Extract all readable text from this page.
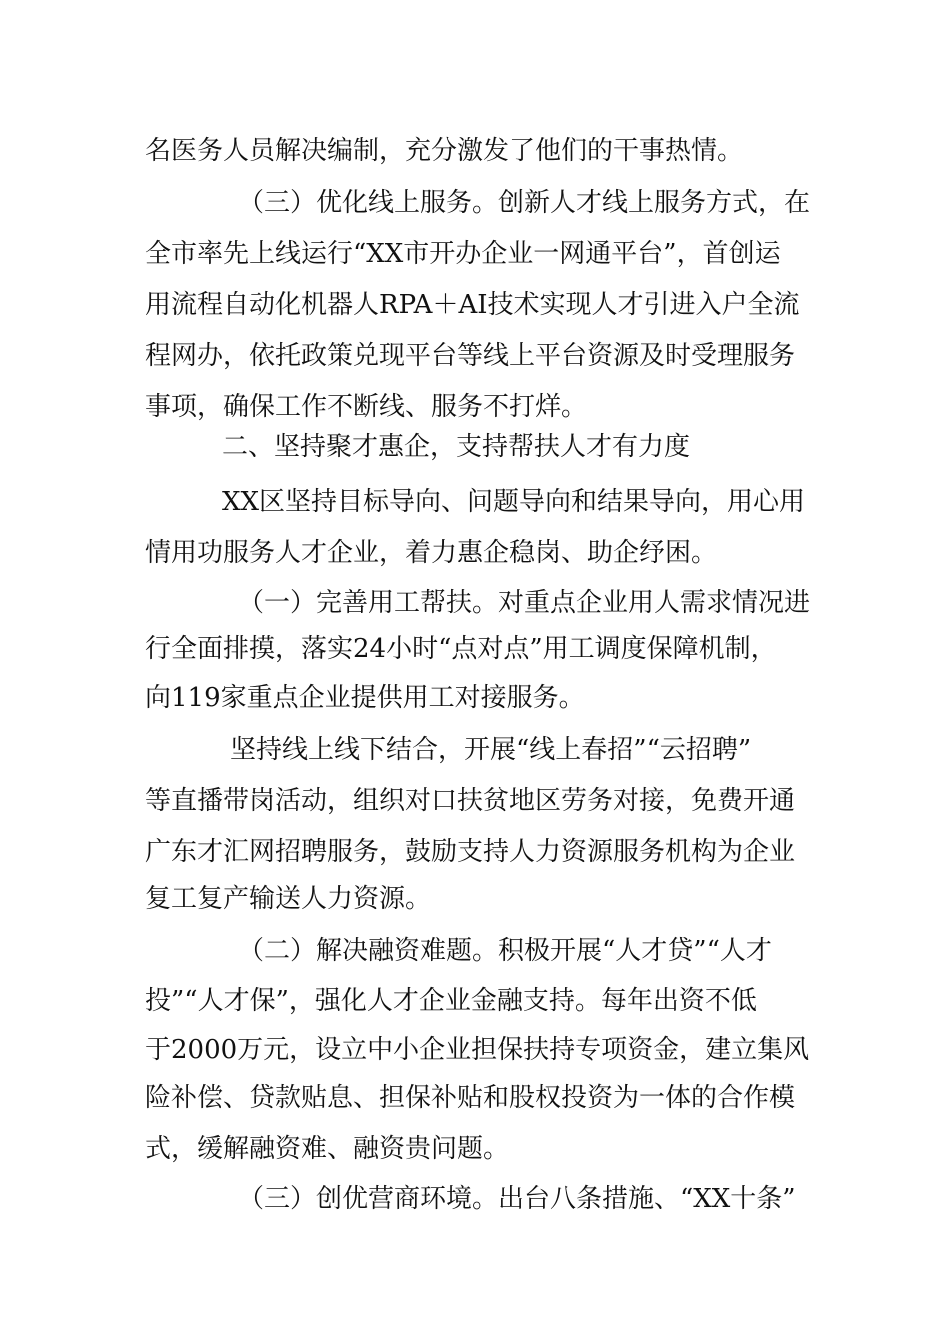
名医务人员解决编制，充分激发了他们的干事热情。
（三）优化线上服务。创新人才线上服务方式，在
全市率先上线运行“XX市开办企业一网通平台”，首创运
用流程自动化机器人RPA＋AI技术实现人才引进入户全流
程网办，依托政策兑现平台等线上平台资源及时受理服务
事项，确保工作不断线、服务不打烊。
二、坚持聚才惠企，支持帮扶人才有力度
XX区坚持目标导向、问题导向和结果导向，用心用
情用功服务人才企业，着力惠企稳岗、助企纾困。
（一）完善用工帮扶。对重点企业用人需求情况进
行全面排摸，落实24小时“点对点”用工调度保障机制，
向119家重点企业提供用工对接服务。
坚持线上线下结合，开展“线上春招”“云招聘”
等直播带岗活动，组织对口扶贫地区劳务对接，免费开通
广东才汇网招聘服务，鼓励支持人力资源服务机构为企业
复工复产输送人力资源。
（二）解决融资难题。积极开展“人才贷”“人才
投”“人才保”，强化人才企业金融支持。每年出资不低
于2000万元，设立中小企业担保扶持专项资金，建立集风
险补偿、贷款贴息、担保补贴和股权投资为一体的合作模
式，缓解融资难、融资贵问题。
（三）创优营商环境。出台八条措施、“XX十条”
